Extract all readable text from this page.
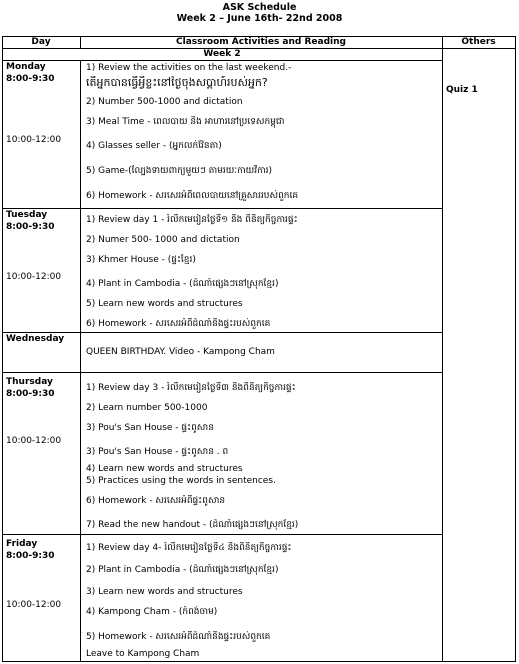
ASK Schedule
Week 2 – June 16th- 22nd 2008
Day	Classroom Activities and Reading	Others
Week 2
Monday
8:00-9:30
10:00-12:00
Quiz 1
1) Review the activities on the last weekend.-
តើអ្នកបានធ្វើអ្វីខ្លះនៅថ្ងៃចុងសប្តាហ៍របស់អ្នក?
2) Number 500-1000 and dictation
3) Meal Time - ពេលបាយ និង អាហារនៅប្រទេសកម្ពុជា
4) Glasses seller - (អ្នកលក់វ៉ែនតា)
5) Game-(ល្បែងទាយពាក្យមួយៗ តាមរយៈកាយវិការ)
6) Homework - សរសេរអំពីពេលបាយនៅគ្រួសាររបស់ពួកគេ
Tuesday
8:00-9:30
10:00-12:00
1) Review day 1 - រំលឹកមេរៀនថ្ងៃទី១ និង ពិនិត្យកិច្ចការផ្ទះ
2) Numer 500- 1000 and dictation
3) Khmer House - (ផ្ទះខ្មែរ)
4) Plant in Cambodia - (ដំណាំផ្សេងៗនៅស្រុកខ្មែរ)
5) Learn new words and structures
6) Homework - សរសេរអំពីដំណាំនិងផ្ទះរបស់ពួកគេ
Wednesday
QUEEN BIRTHDAY. Video - Kampong Cham
Thursday
8:00-9:30
10:00-12:00
1) Review day 3 - រំលឹកមេរៀនថ្ងៃទី៣ និងពិនិត្យកិច្ចការផ្ទះ
2) Learn number 500-1000
3) Pou's San House - ផ្ទះពូសាន
3) Pou's San House - ផ្ទះពូសាន . ព
4) Learn new words and structures
5) Practices using the words in sentences.
6) Homework - សរសេរអំពីផ្ទះពូសាន
7) Read the new handout - (ដំណាំផ្សេងៗនៅស្រុកខ្មែរ)
Friday
8:00-9:30
10:00-12:00
1) Review day 4- រំលឹកមេរៀនថ្ងៃទី៤ និងពិនិត្យកិច្ចការផ្ទះ
2) Plant in Cambodia - (ដំណាំផ្សេងៗនៅស្រុកខ្មែរ)
3) Learn new words and structures
4) Kampong Cham - (កំពង់ចាម)
5) Homework - សរសេរអំពីដំណាំនិងផ្ទះរបស់ពួកគេ
Leave to Kampong Cham
